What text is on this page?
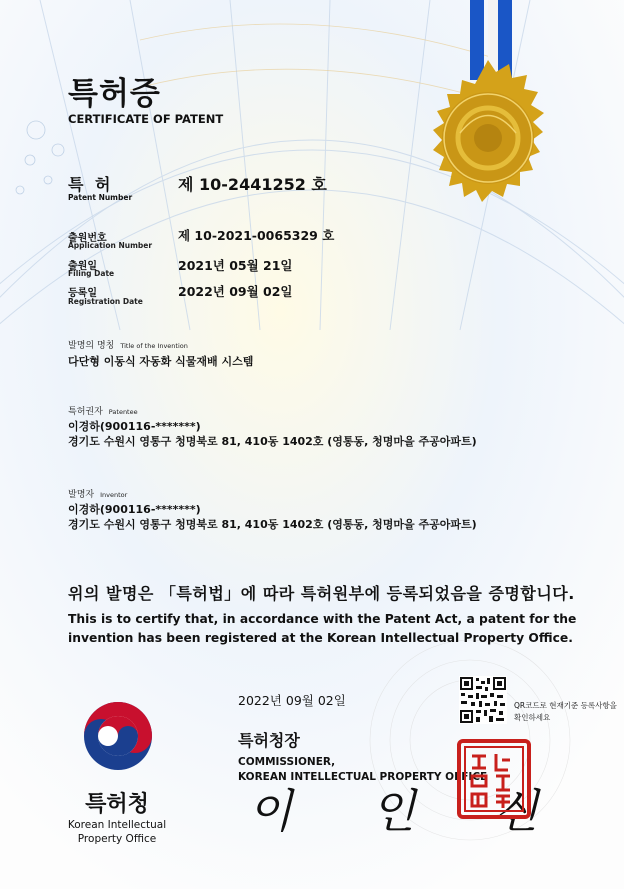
특허증
CERTIFICATE OF PATENT
특 허
Patent Number
제 10-2441252 호
출원번호
Application Number
제 10-2021-0065329 호
출원일
Filing Date
2021년 05월 21일
등록일
Registration Date
2022년 09월 02일
발명의 명칭 Title of the Invention
다단형 이동식 자동화 식물재배 시스템
특허권자 Patentee
이경하(900116-*******)
경기도 수원시 영통구 청명북로 81, 410동 1402호 (영통동, 청명마을 주공아파트)
발명자 Inventor
이경하(900116-*******)
경기도 수원시 영통구 청명북로 81, 410동 1402호 (영통동, 청명마을 주공아파트)
위의 발명은 「특허법」에 따라 특허원부에 등록되었음을 증명합니다.
This is to certify that, in accordance with the Patent Act, a patent for the invention has been registered at the Korean Intellectual Property Office.
2022년 09월 02일	QR코드로 현재기준 등록사항을 확인하세요
특허청장
COMMISSIONER,
KOREAN INTELLECTUAL PROPERTY OFFICE
이 인 신
특허청
Korean Intellectual Property Office
